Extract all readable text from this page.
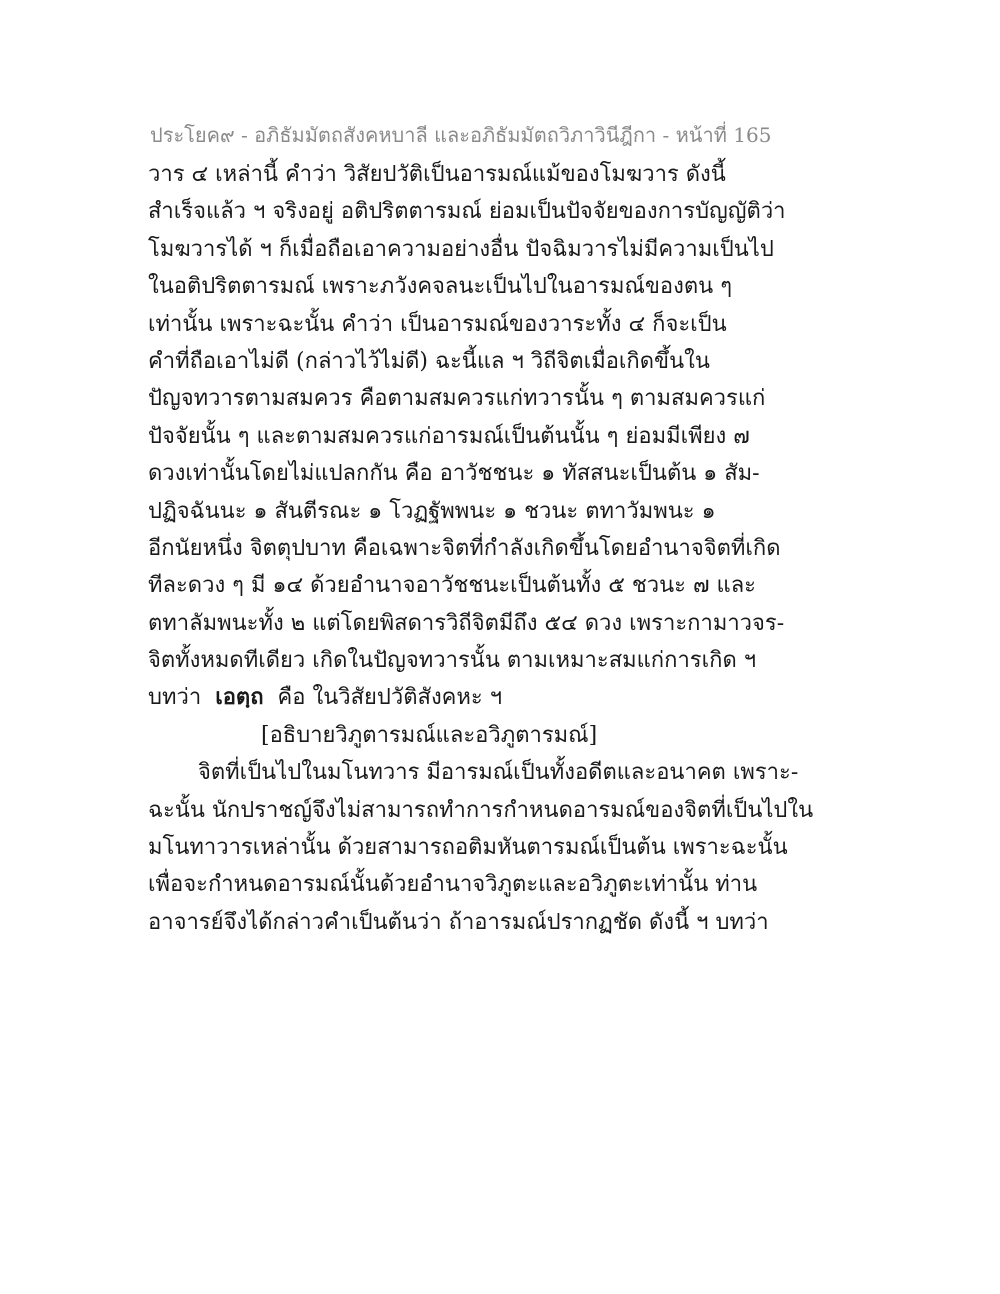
ประโยค๙ - อภิธัมมัตถสังคหบาลี และอภิธัมมัตถวิภาวินีฎีกา - หน้าที่ 165
วาร ๔ เหล่านี้ คำว่า วิสัยปวัติเป็นอารมณ์แม้ของโมฆวาร ดังนี้
สำเร็จแล้ว ฯ จริงอยู่ อติปริตตารมณ์ ย่อมเป็นปัจจัยของการบัญญัติว่า
โมฆวารได้ ฯ ก็เมื่อถือเอาความอย่างอื่น ปัจฉิมวารไม่มีความเป็นไป
ในอติปริตตารมณ์ เพราะภวังคจลนะเป็นไปในอารมณ์ของตน ๆ
เท่านั้น เพราะฉะนั้น คำว่า เป็นอารมณ์ของวาระทั้ง ๔ ก็จะเป็น
คำที่ถือเอาไม่ดี (กล่าวไว้ไม่ดี) ฉะนี้แล ฯ วิถีจิตเมื่อเกิดขึ้นใน
ปัญจทวารตามสมควร คือตามสมควรแก่ทวารนั้น ๆ ตามสมควรแก่
ปัจจัยนั้น ๆ และตามสมควรแก่อารมณ์เป็นต้นนั้น ๆ ย่อมมีเพียง ๗
ดวงเท่านั้นโดยไม่แปลกกัน คือ อาวัชชนะ ๑ ทัสสนะเป็นต้น ๑ สัม-
ปฏิจฉันนะ ๑ สันตีรณะ ๑ โวฏฐัพพนะ ๑ ชวนะ ตทาวัมพนะ ๑
อีกนัยหนึ่ง จิตตุปบาท คือเฉพาะจิตที่กำลังเกิดขึ้นโดยอำนาจจิตที่เกิด
ทีละดวง ๆ มี ๑๔ ด้วยอำนาจอาวัชชนะเป็นต้นทั้ง ๕ ชวนะ ๗ และ
ตทาลัมพนะทั้ง ๒ แต่โดยพิสดารวิถีจิตมีถึง ๕๔ ดวง เพราะกามาวจร-
จิตทั้งหมดทีเดียว เกิดในปัญจทวารนั้น ตามเหมาะสมแก่การเกิด ฯ
บทว่า เอตฺถ คือ ในวิสัยปวัติสังคหะ ฯ
[อธิบายวิภูตารมณ์และอวิภูตารมณ์]
จิตที่เป็นไปในมโนทวาร มีอารมณ์เป็นทั้งอดีตและอนาคต เพราะ-
ฉะนั้น นักปราชญ์จึงไม่สามารถทำการกำหนดอารมณ์ของจิตที่เป็นไปใน
มโนทาวารเหล่านั้น ด้วยสามารถอติมหันตารมณ์เป็นต้น เพราะฉะนั้น
เพื่อจะกำหนดอารมณ์นั้นด้วยอำนาจวิภูตะและอวิภูตะเท่านั้น ท่าน
อาจารย์จึงได้กล่าวคำเป็นต้นว่า ถ้าอารมณ์ปรากฏชัด ดังนี้ ฯ บทว่า
